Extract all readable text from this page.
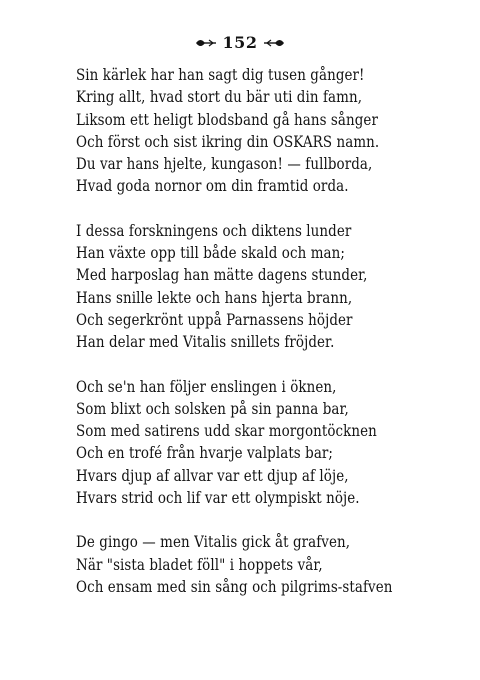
152
Sin kärlek har han sagt dig tusen gånger!
Kring allt, hvad stort du bär uti din famn,
Liksom ett heligt blodsband gå hans sånger
Och först och sist ikring din OSKARS namn.
Du var hans hjelte, kungason! — fullborda,
Hvad goda nornor om din framtid orda.
I dessa forskningens och diktens lunder
Han växte opp till både skald och man;
Med harposlag han mätte dagens stunder,
Hans snille lekte och hans hjerta brann,
Och segerkrönt uppå Parnassens höjder
Han delar med Vitalis snillets fröjder.
Och se'n han följer enslingen i öknen,
Som blixt och solsken på sin panna bar,
Som med satirens udd skar morgontöcknen
Och en trofé från hvarje valplats bar;
Hvars djup af allvar var ett djup af löje,
Hvars strid och lif var ett olympiskt nöje.
De gingo — men Vitalis gick åt grafven,
När "sista bladet föll" i hoppets vår,
Och ensam med sin sång och pilgrims-stafven
